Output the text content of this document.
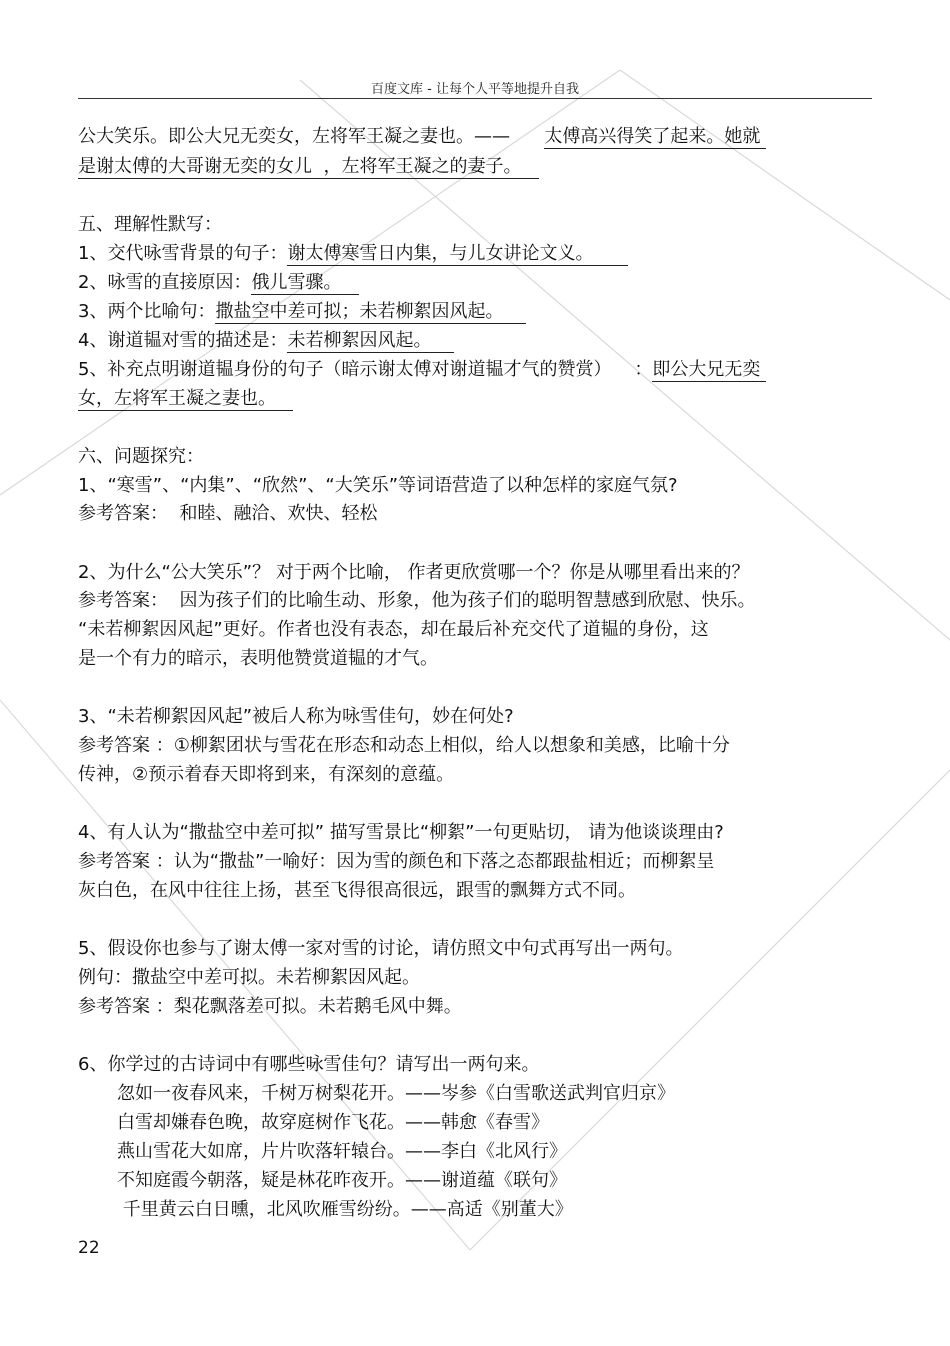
百度文库 - 让每个人平等地提升自我
公大笑乐。即公大兄无奕女，左将军王凝之妻也。—— 太傅高兴得笑了起来。她就
是谢太傅的大哥谢无奕的女儿  ，左将军王凝之的妻子。
五、理解性默写：
1、交代咏雪背景的句子：谢太傅寒雪日内集，与儿女讲论文义。
2、咏雪的直接原因：俄儿雪骤。
3、两个比喻句：撒盐空中差可拟；未若柳絮因风起。
4、谢道韫对雪的描述是：未若柳絮因风起。
5、补充点明谢道韫身份的句子（暗示谢太傅对谢道韫才气的赞赏）    ：即公大兄无奕
女，左将军王凝之妻也。
六、问题探究：
1、“寒雪”、“内集”、“欣然”、“大笑乐”等词语营造了以种怎样的家庭气氛?
参考答案：  和睦、融洽、欢快、轻松
2、为什么“公大笑乐”？ 对于两个比喻， 作者更欣赏哪一个？你是从哪里看出来的？
参考答案：  因为孩子们的比喻生动、形象，他为孩子们的聪明智慧感到欣慰、快乐。
“未若柳絮因风起”更好。作者也没有表态，却在最后补充交代了道韫的身份，这
是一个有力的暗示，表明他赞赏道韫的才气。
3、“未若柳絮因风起”被后人称为咏雪佳句，妙在何处?
参考答案 ：①柳絮团状与雪花在形态和动态上相似，给人以想象和美感，比喻十分
传神，②预示着春天即将到来，有深刻的意蕴。
4、有人认为“撒盐空中差可拟” 描写雪景比“柳絮”一句更贴切， 请为他谈谈理由?
参考答案 ：认为“撒盐”一喻好：因为雪的颜色和下落之态都跟盐相近；而柳絮呈
灰白色，在风中往往上扬，甚至飞得很高很远，跟雪的飘舞方式不同。
5、假设你也参与了谢太傅一家对雪的讨论，请仿照文中句式再写出一两句。
例句：撒盐空中差可拟。未若柳絮因风起。
参考答案 ：梨花飘落差可拟。未若鹅毛风中舞。
6、你学过的古诗词中有哪些咏雪佳句？请写出一两句来。
忽如一夜春风来，千树万树梨花开。——岑参《白雪歌送武判官归京》
白雪却嫌春色晚，故穿庭树作飞花。——韩愈《春雪》
燕山雪花大如席，片片吹落轩辕台。——李白《北风行》
不知庭霞今朝落，疑是林花昨夜开。——谢道蕴《联句》
千里黄云白日曛，北风吹雁雪纷纷。——高适《别董大》
22
